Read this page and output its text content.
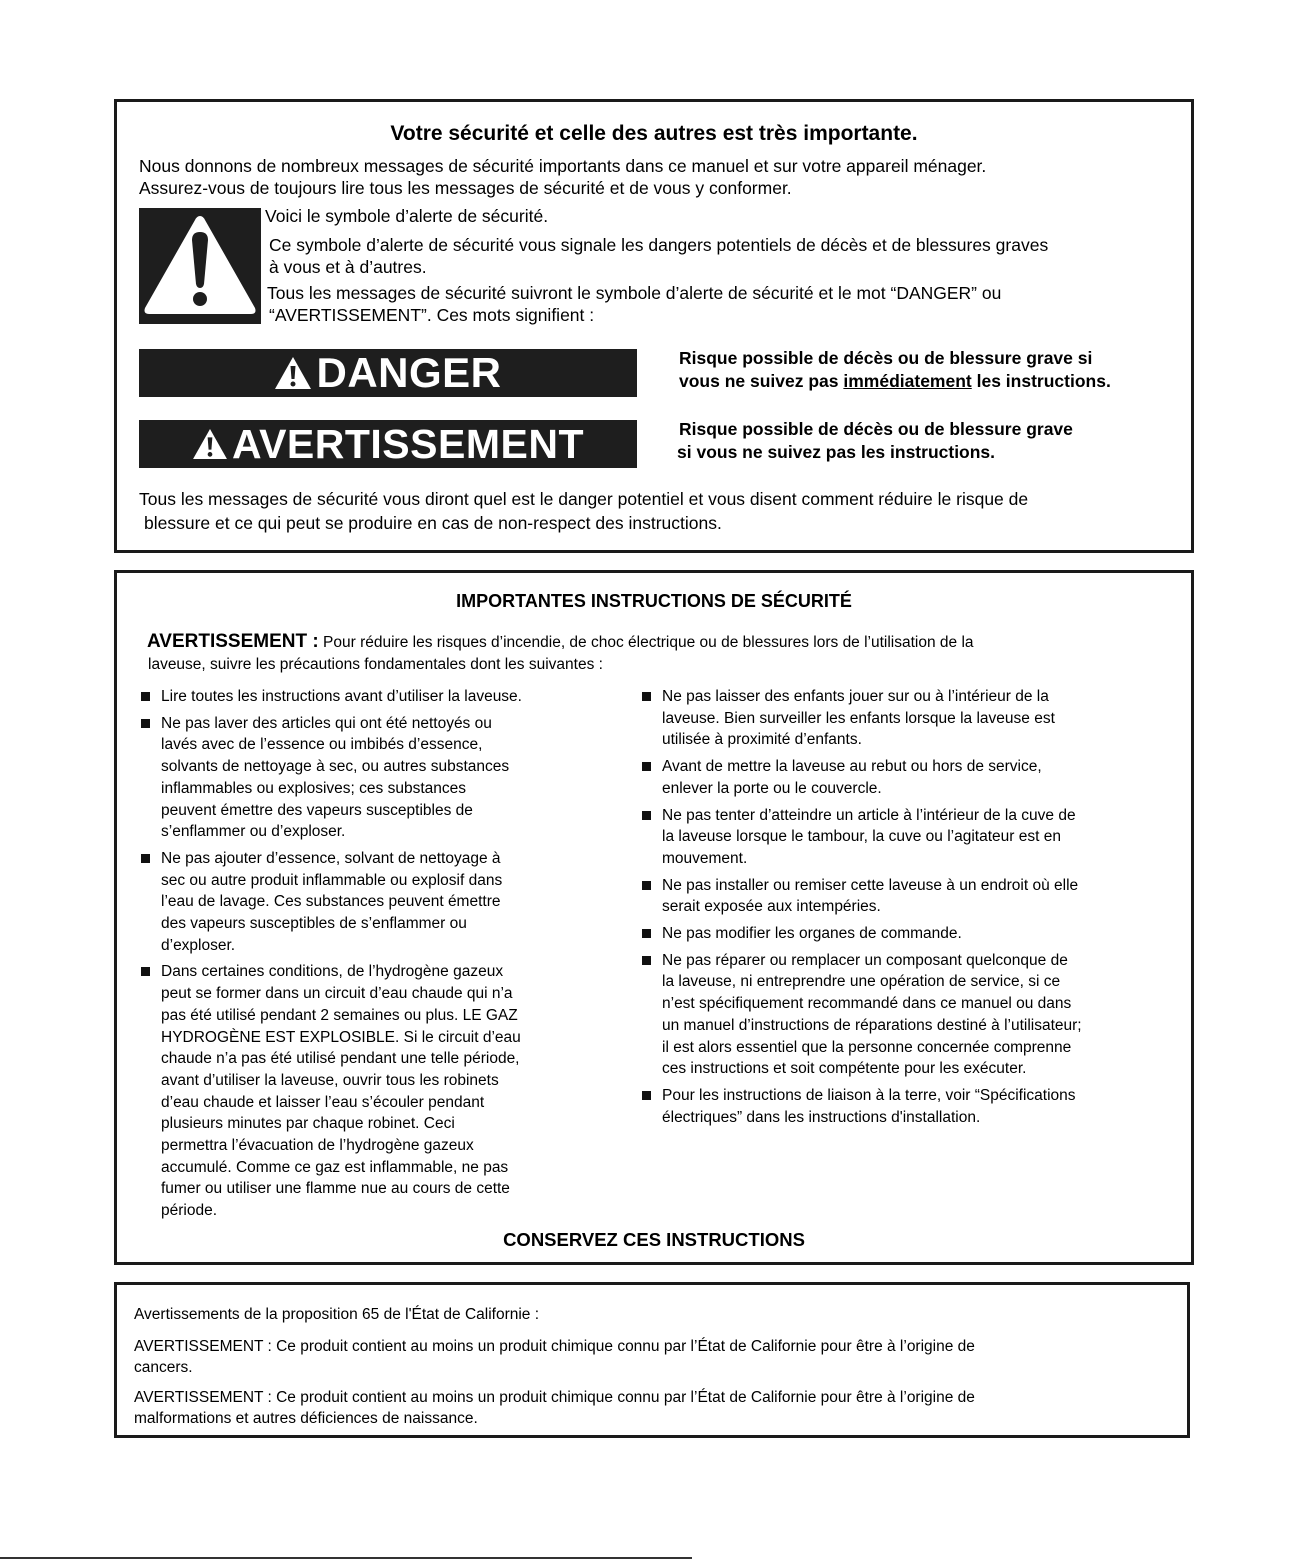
Votre sécurité et celle des autres est très importante.
Nous donnons de nombreux messages de sécurité importants dans ce manuel et sur votre appareil ménager.
Assurez-vous de toujours lire tous les messages de sécurité et de vous y conformer.
Voici le symbole d’alerte de sécurité.
Ce symbole d’alerte de sécurité vous signale les dangers potentiels de décès et de blessures graves
à vous et à d’autres.
Tous les messages de sécurité suivront le symbole d’alerte de sécurité et le mot “DANGER” ou
“AVERTISSEMENT”. Ces mots signifient :
DANGER	Risque possible de décès ou de blessure grave si
vous ne suivez pas immédiatement les instructions.
AVERTISSEMENT	Risque possible de décès ou de blessure grave
si vous ne suivez pas les instructions.
Tous les messages de sécurité vous diront quel est le danger potentiel et vous disent comment réduire le risque de
blessure et ce qui peut se produire en cas de non-respect des instructions.
IMPORTANTES INSTRUCTIONS DE SÉCURITÉ
AVERTISSEMENT : Pour réduire les risques d’incendie, de choc électrique ou de blessures lors de l’utilisation de la
laveuse, suivre les précautions fondamentales dont les suivantes :
Lire toutes les instructions avant d’utiliser la laveuse.
Ne pas laver des articles qui ont été nettoyés ou
lavés avec de l’essence ou imbibés d’essence,
solvants de nettoyage à sec, ou autres substances
inflammables ou explosives; ces substances
peuvent émettre des vapeurs susceptibles de
s’enflammer ou d’exploser.
Ne pas ajouter d’essence, solvant de nettoyage à
sec ou autre produit inflammable ou explosif dans
l’eau de lavage. Ces substances peuvent émettre
des vapeurs susceptibles de s’enflammer ou
d’exploser.
Dans certaines conditions, de l’hydrogène gazeux
peut se former dans un circuit d’eau chaude qui n’a
pas été utilisé pendant 2 semaines ou plus. LE GAZ
HYDROGÈNE EST EXPLOSIBLE. Si le circuit d’eau
chaude n’a pas été utilisé pendant une telle période,
avant d’utiliser la laveuse, ouvrir tous les robinets
d’eau chaude et laisser l’eau s’écouler pendant
plusieurs minutes par chaque robinet. Ceci
permettra l’évacuation de l’hydrogène gazeux
accumulé. Comme ce gaz est inflammable, ne pas
fumer ou utiliser une flamme nue au cours de cette
période.
Ne pas laisser des enfants jouer sur ou à l’intérieur de la
laveuse. Bien surveiller les enfants lorsque la laveuse est
utilisée à proximité d’enfants.
Avant de mettre la laveuse au rebut ou hors de service,
enlever la porte ou le couvercle.
Ne pas tenter d’atteindre un article à l’intérieur de la cuve de
la laveuse lorsque le tambour, la cuve ou l’agitateur est en
mouvement.
Ne pas installer ou remiser cette laveuse à un endroit où elle
serait exposée aux intempéries.
Ne pas modifier les organes de commande.
Ne pas réparer ou remplacer un composant quelconque de
la laveuse, ni entreprendre une opération de service, si ce
n’est spécifiquement recommandé dans ce manuel ou dans
un manuel d’instructions de réparations destiné à l’utilisateur;
il est alors essentiel que la personne concernée comprenne
ces instructions et soit compétente pour les exécuter.
Pour les instructions de liaison à la terre, voir “Spécifications
électriques” dans les instructions d'installation.
CONSERVEZ CES INSTRUCTIONS
Avertissements de la proposition 65 de l'État de Californie :
AVERTISSEMENT : Ce produit contient au moins un produit chimique connu par l’État de Californie pour être à l’origine de
cancers.
AVERTISSEMENT : Ce produit contient au moins un produit chimique connu par l’État de Californie pour être à l’origine de
malformations et autres déficiences de naissance.
